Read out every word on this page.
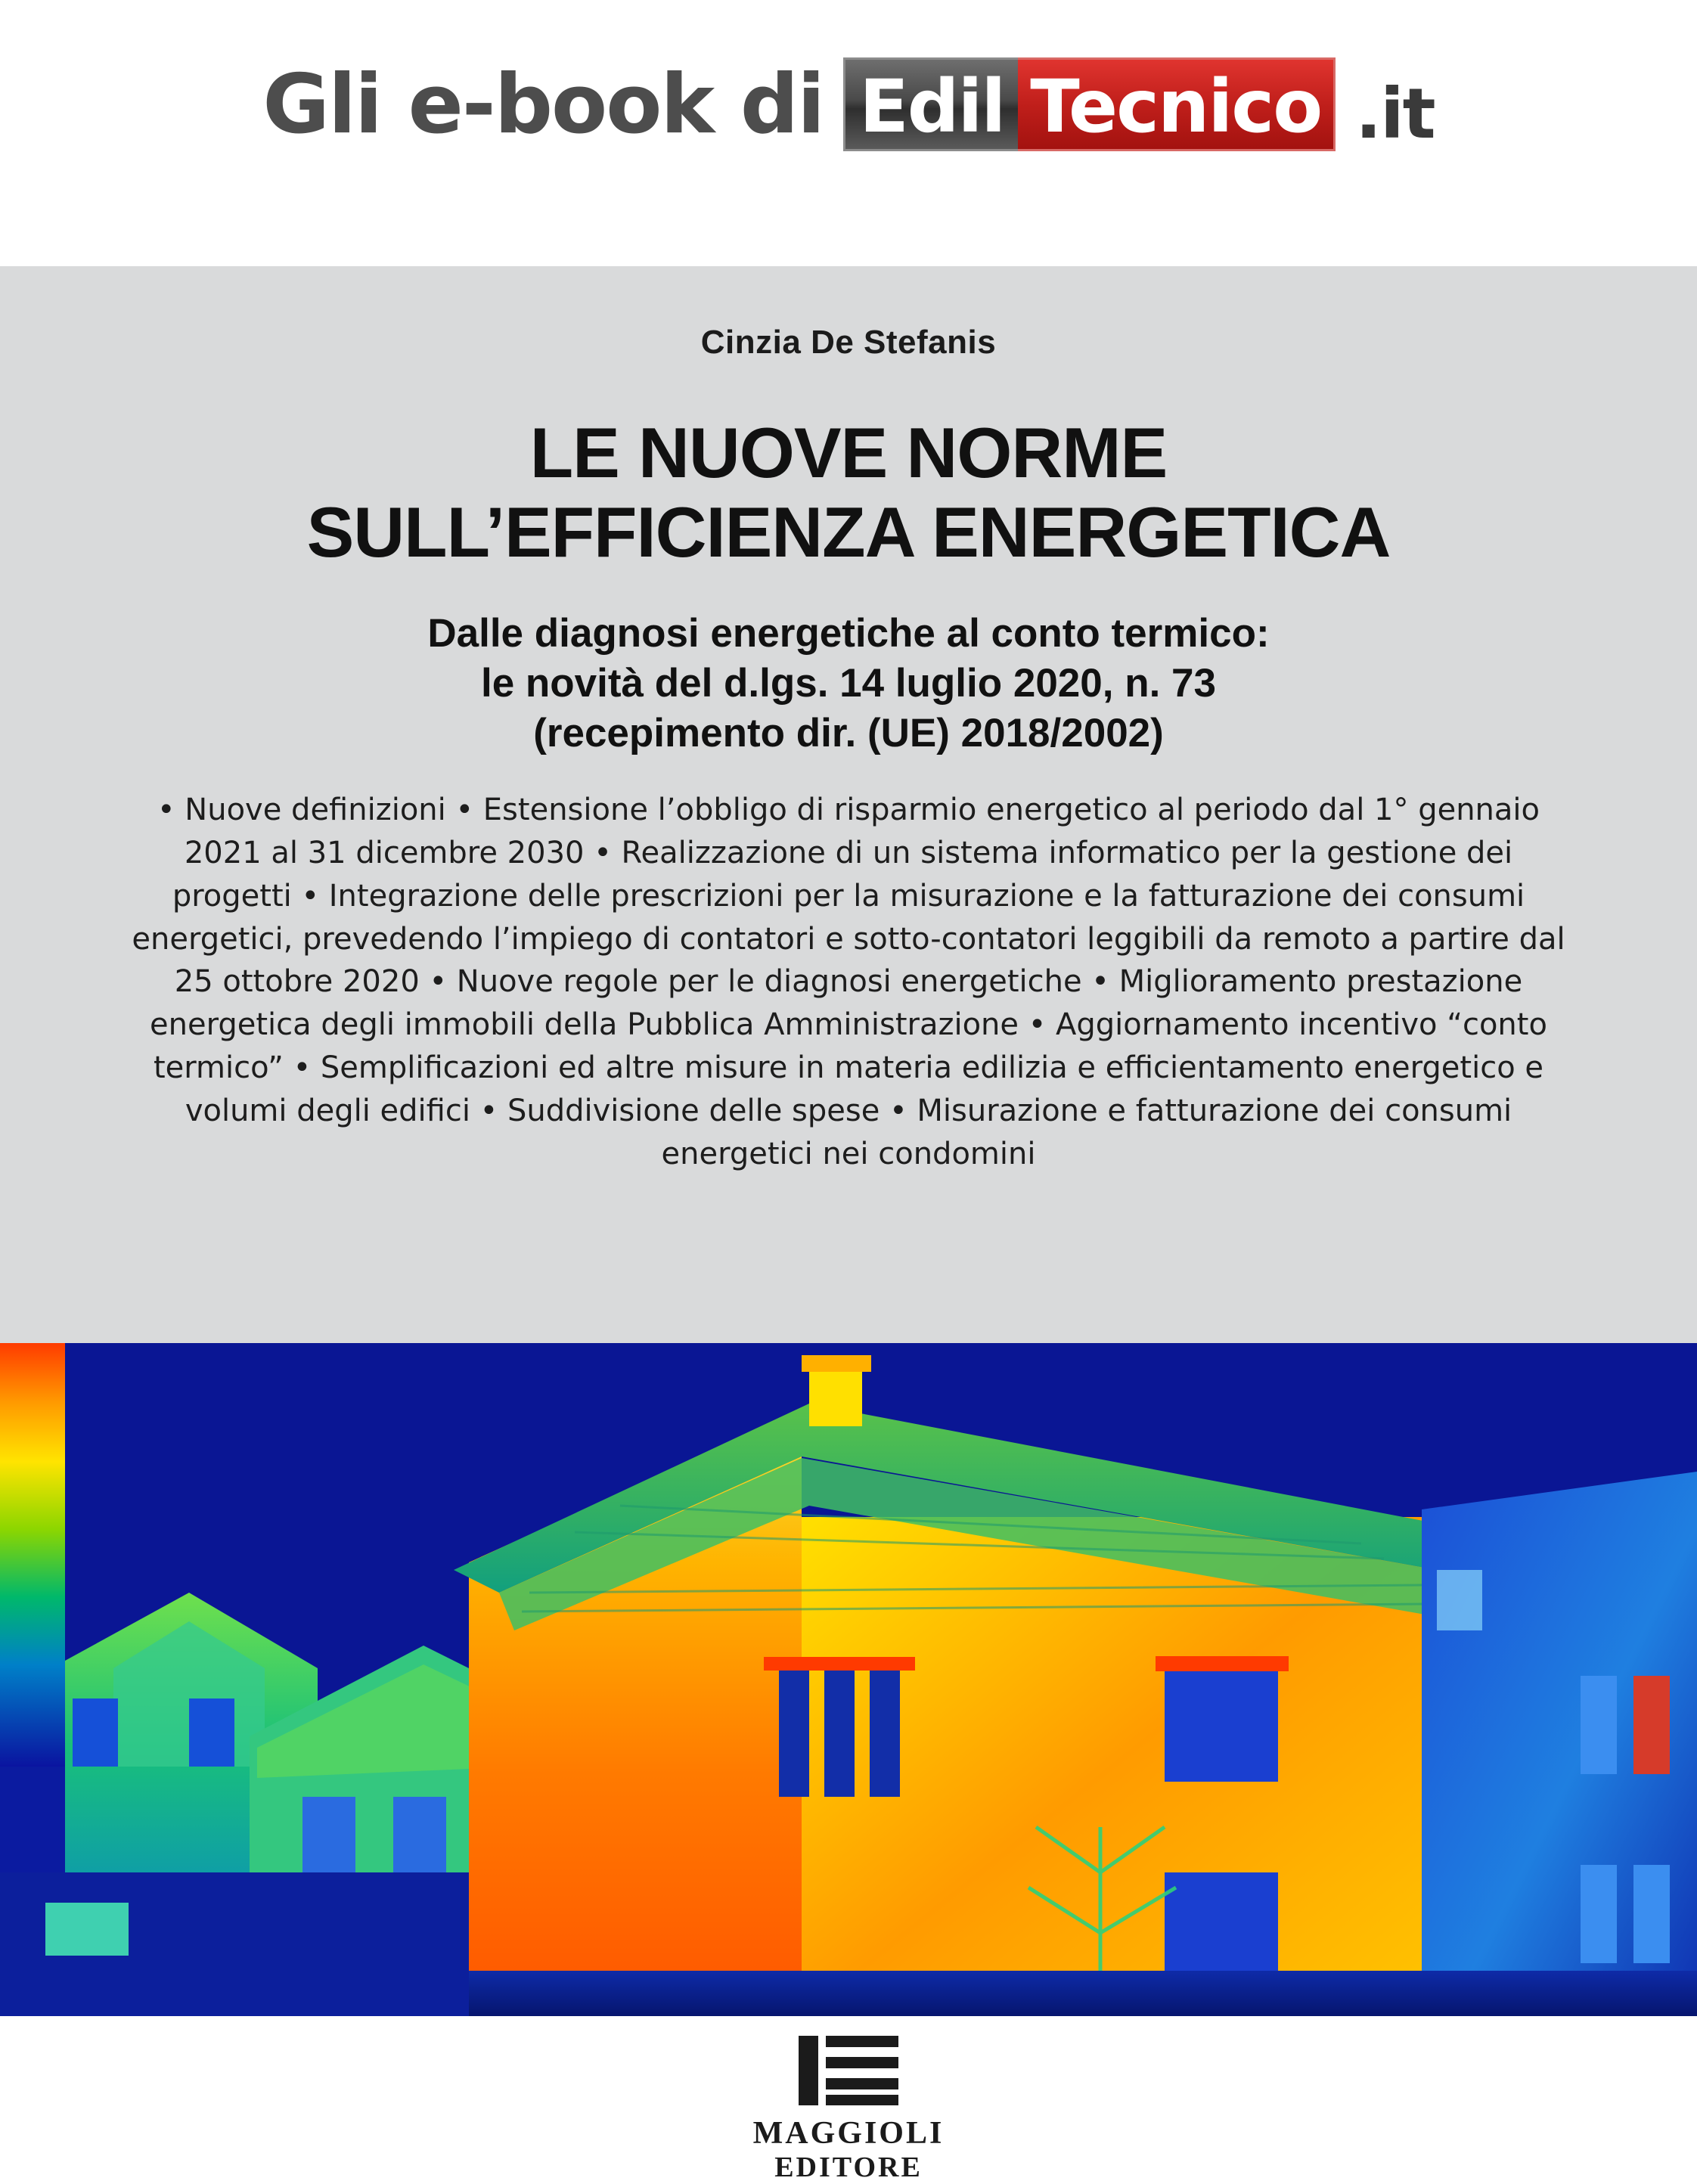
Gli e-book di Edil Tecnico .it
Cinzia De Stefanis
LE NUOVE NORME
SULL’EFFICIENZA ENERGETICA
Dalle diagnosi energetiche al conto termico:
le novità del d.lgs. 14 luglio 2020, n. 73
(recepimento dir. (UE) 2018/2002)
• Nuove definizioni • Estensione l’obbligo di risparmio energetico al periodo dal 1° gennaio 2021 al 31 dicembre 2030 • Realizzazione di un sistema informatico per la gestione dei progetti • Integrazione delle prescrizioni per la misurazione e la fatturazione dei consumi energetici, prevedendo l’impiego di contatori e sotto-contatori leggibili da remoto a partire dal 25 ottobre 2020 • Nuove regole per le diagnosi energetiche • Miglioramento prestazione energetica degli immobili della Pubblica Amministrazione • Aggiornamento incentivo “conto termico” • Semplificazioni ed altre misure in materia edilizia e efficientamento energetico e volumi degli edifici • Suddivisione delle spese • Misurazione e fatturazione dei consumi energetici nei condomini
MAGGIOLI
EDITORE
